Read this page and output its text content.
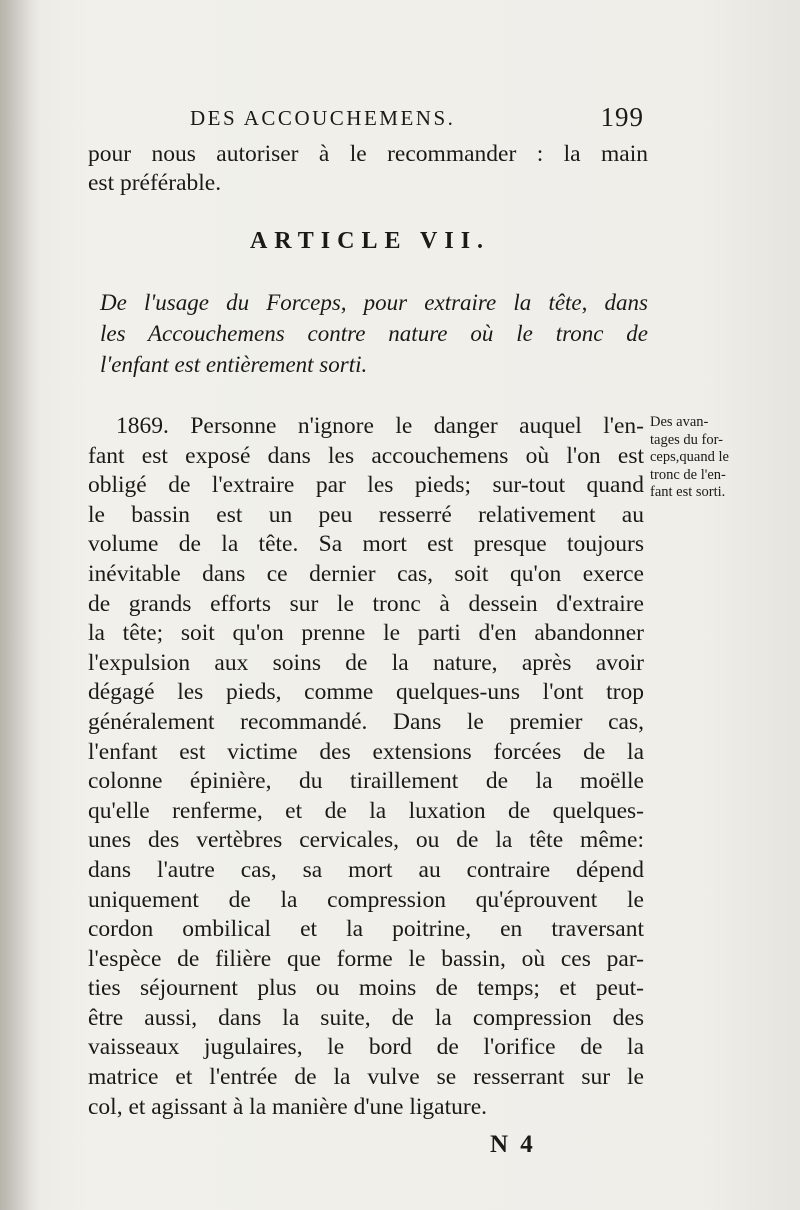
DES ACCOUCHEMENS.	199
pour nous autoriser à le recommander : la main
est préférable.
ARTICLE VII.
De l'usage du Forceps, pour extraire la tête, dans
les Accouchemens contre nature où le tronc de
l'enfant est entièrement sorti.
1869. Personne n'ignore le danger auquel l'en-
fant est exposé dans les accouchemens où l'on est
obligé de l'extraire par les pieds; sur-tout quand
le bassin est un peu resserré relativement au
volume de la tête. Sa mort est presque toujours
inévitable dans ce dernier cas, soit qu'on exerce
de grands efforts sur le tronc à dessein d'extraire
la tête; soit qu'on prenne le parti d'en abandonner
l'expulsion aux soins de la nature, après avoir
dégagé les pieds, comme quelques-uns l'ont trop
généralement recommandé. Dans le premier cas,
l'enfant est victime des extensions forcées de la
colonne épinière, du tiraillement de la moëlle
qu'elle renferme, et de la luxation de quelques-
unes des vertèbres cervicales, ou de la tête même:
dans l'autre cas, sa mort au contraire dépend
uniquement de la compression qu'éprouvent le
cordon ombilical et la poitrine, en traversant
l'espèce de filière que forme le bassin, où ces par-
ties séjournent plus ou moins de temps; et peut-
être aussi, dans la suite, de la compression des
vaisseaux jugulaires, le bord de l'orifice de la
matrice et l'entrée de la vulve se resserrant sur le
col, et agissant à la manière d'une ligature.
Des avan-
tages du for-
ceps,quand le
tronc de l'en-
fant est sorti.
N 4
